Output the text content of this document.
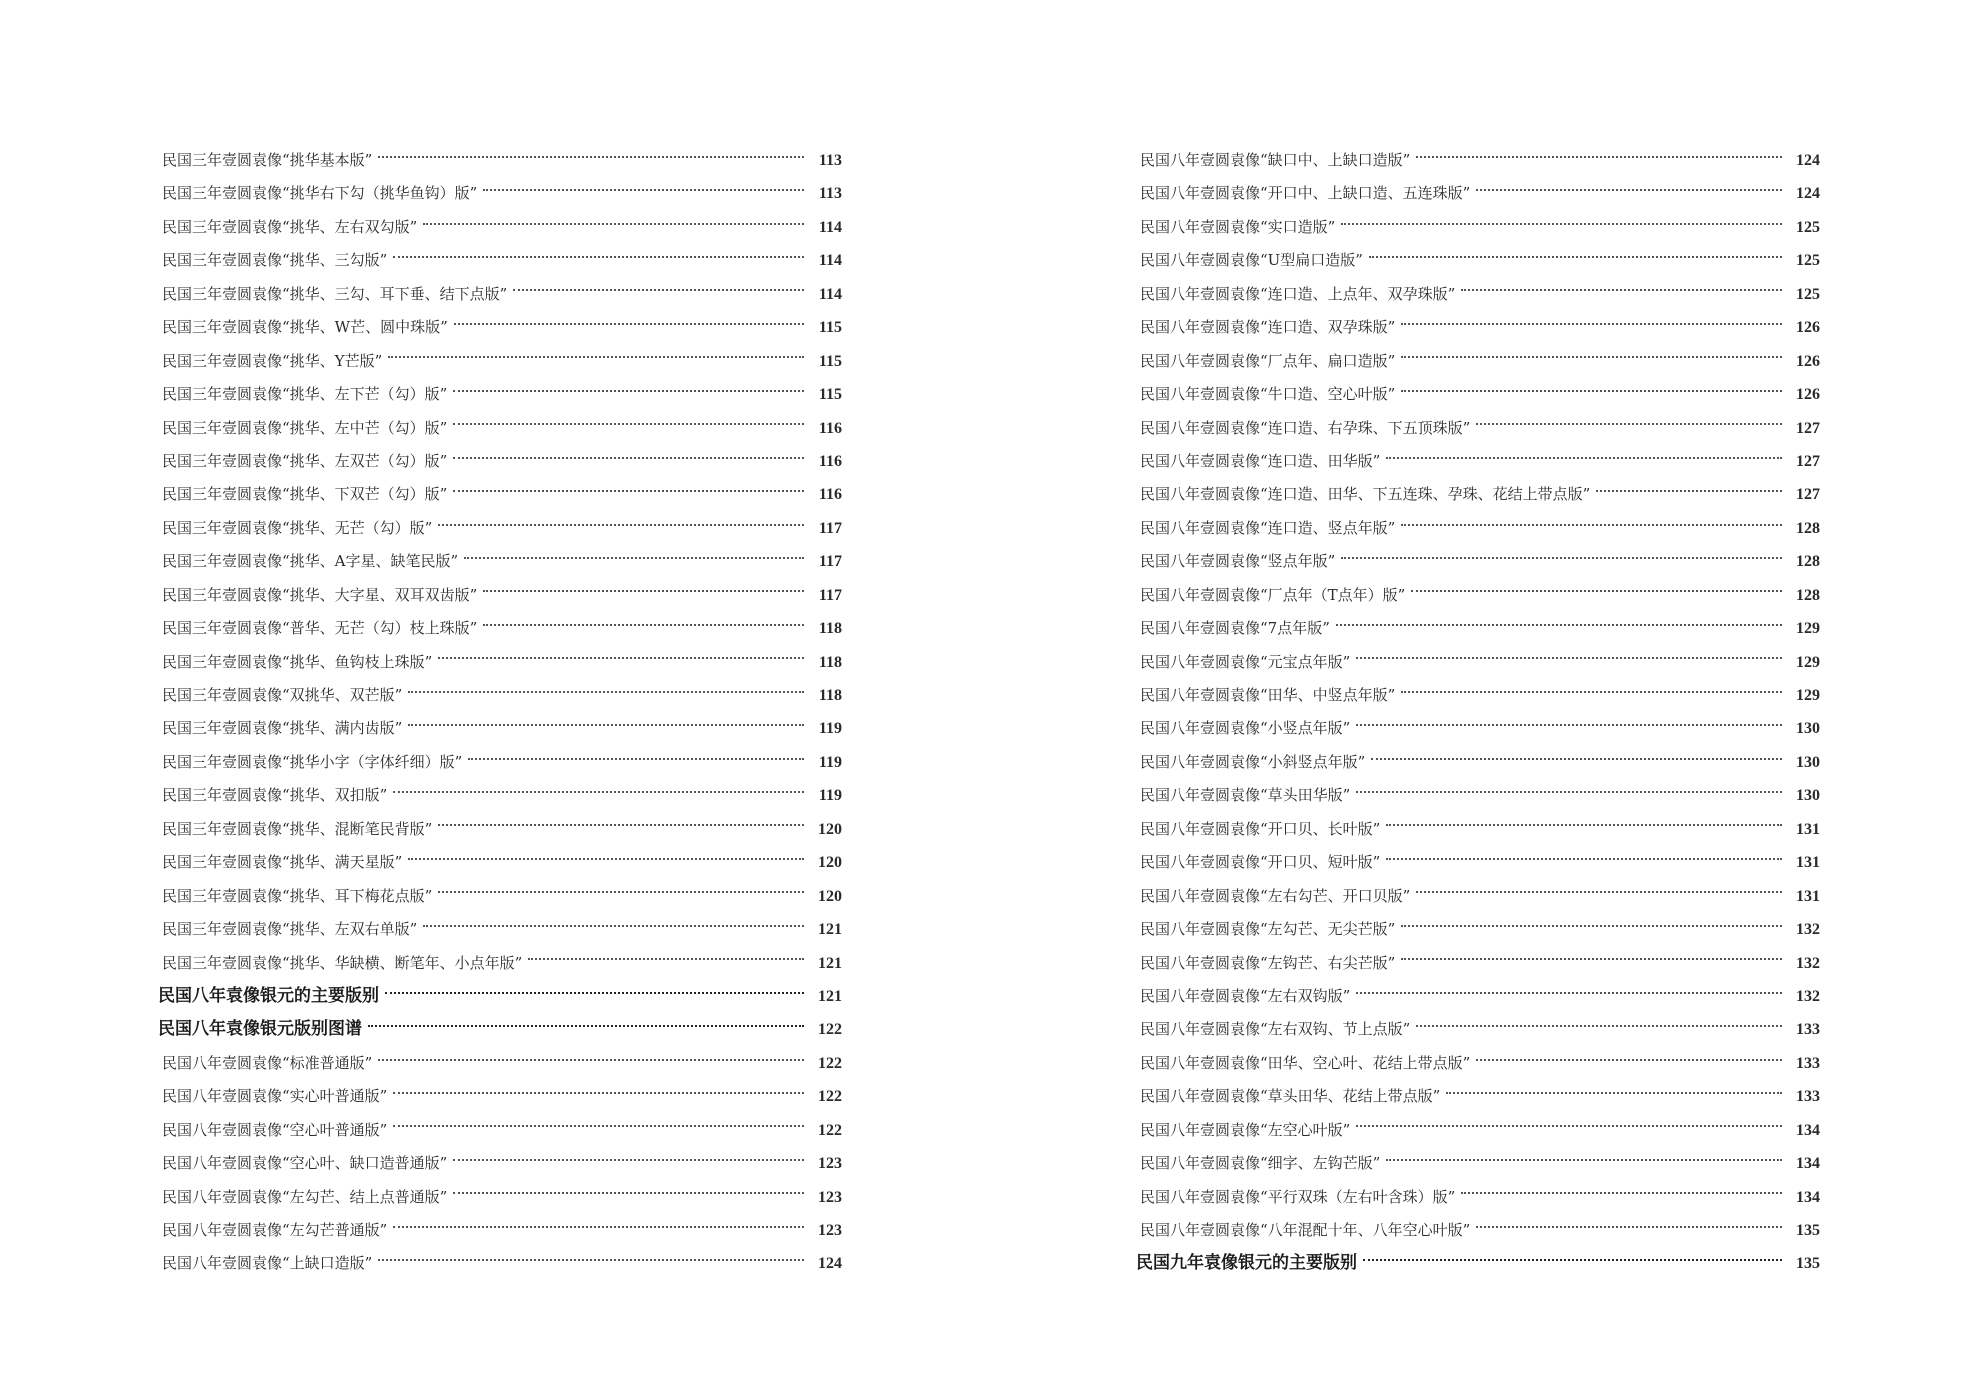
民国三年壹圆袁像“挑华基本版”	113
民国三年壹圆袁像“挑华右下勾（挑华鱼钩）版”	113
民国三年壹圆袁像“挑华、左右双勾版”	114
民国三年壹圆袁像“挑华、三勾版”	114
民国三年壹圆袁像“挑华、三勾、耳下垂、结下点版”	114
民国三年壹圆袁像“挑华、W芒、圆中珠版”	115
民国三年壹圆袁像“挑华、Y芒版”	115
民国三年壹圆袁像“挑华、左下芒（勾）版”	115
民国三年壹圆袁像“挑华、左中芒（勾）版”	116
民国三年壹圆袁像“挑华、左双芒（勾）版”	116
民国三年壹圆袁像“挑华、下双芒（勾）版”	116
民国三年壹圆袁像“挑华、无芒（勾）版”	117
民国三年壹圆袁像“挑华、A字星、缺笔民版”	117
民国三年壹圆袁像“挑华、大字星、双耳双齿版”	117
民国三年壹圆袁像“普华、无芒（勾）枝上珠版”	118
民国三年壹圆袁像“挑华、鱼钩枝上珠版”	118
民国三年壹圆袁像“双挑华、双芒版”	118
民国三年壹圆袁像“挑华、满内齿版”	119
民国三年壹圆袁像“挑华小字（字体纤细）版”	119
民国三年壹圆袁像“挑华、双扣版”	119
民国三年壹圆袁像“挑华、混断笔民背版”	120
民国三年壹圆袁像“挑华、满天星版”	120
民国三年壹圆袁像“挑华、耳下梅花点版”	120
民国三年壹圆袁像“挑华、左双右单版”	121
民国三年壹圆袁像“挑华、华缺横、断笔年、小点年版”	121
民国八年袁像银元的主要版别	121
民国八年袁像银元版别图谱	122
民国八年壹圆袁像“标准普通版”	122
民国八年壹圆袁像“实心叶普通版”	122
民国八年壹圆袁像“空心叶普通版”	122
民国八年壹圆袁像“空心叶、缺口造普通版”	123
民国八年壹圆袁像“左勾芒、结上点普通版”	123
民国八年壹圆袁像“左勾芒普通版”	123
民国八年壹圆袁像“上缺口造版”	124
民国八年壹圆袁像“缺口中、上缺口造版”	124
民国八年壹圆袁像“开口中、上缺口造、五连珠版”	124
民国八年壹圆袁像“实口造版”	125
民国八年壹圆袁像“U型扁口造版”	125
民国八年壹圆袁像“连口造、上点年、双孕珠版”	125
民国八年壹圆袁像“连口造、双孕珠版”	126
民国八年壹圆袁像“厂点年、扁口造版”	126
民国八年壹圆袁像“牛口造、空心叶版”	126
民国八年壹圆袁像“连口造、右孕珠、下五顶珠版”	127
民国八年壹圆袁像“连口造、田华版”	127
民国八年壹圆袁像“连口造、田华、下五连珠、孕珠、花结上带点版”	127
民国八年壹圆袁像“连口造、竖点年版”	128
民国八年壹圆袁像“竖点年版”	128
民国八年壹圆袁像“厂点年（T点年）版”	128
民国八年壹圆袁像“7点年版”	129
民国八年壹圆袁像“元宝点年版”	129
民国八年壹圆袁像“田华、中竖点年版”	129
民国八年壹圆袁像“小竖点年版”	130
民国八年壹圆袁像“小斜竖点年版”	130
民国八年壹圆袁像“草头田华版”	130
民国八年壹圆袁像“开口贝、长叶版”	131
民国八年壹圆袁像“开口贝、短叶版”	131
民国八年壹圆袁像“左右勾芒、开口贝版”	131
民国八年壹圆袁像“左勾芒、无尖芒版”	132
民国八年壹圆袁像“左钩芒、右尖芒版”	132
民国八年壹圆袁像“左右双钩版”	132
民国八年壹圆袁像“左右双钩、节上点版”	133
民国八年壹圆袁像“田华、空心叶、花结上带点版”	133
民国八年壹圆袁像“草头田华、花结上带点版”	133
民国八年壹圆袁像“左空心叶版”	134
民国八年壹圆袁像“细字、左钩芒版”	134
民国八年壹圆袁像“平行双珠（左右叶含珠）版”	134
民国八年壹圆袁像“八年混配十年、八年空心叶版”	135
民国九年袁像银元的主要版别	135
